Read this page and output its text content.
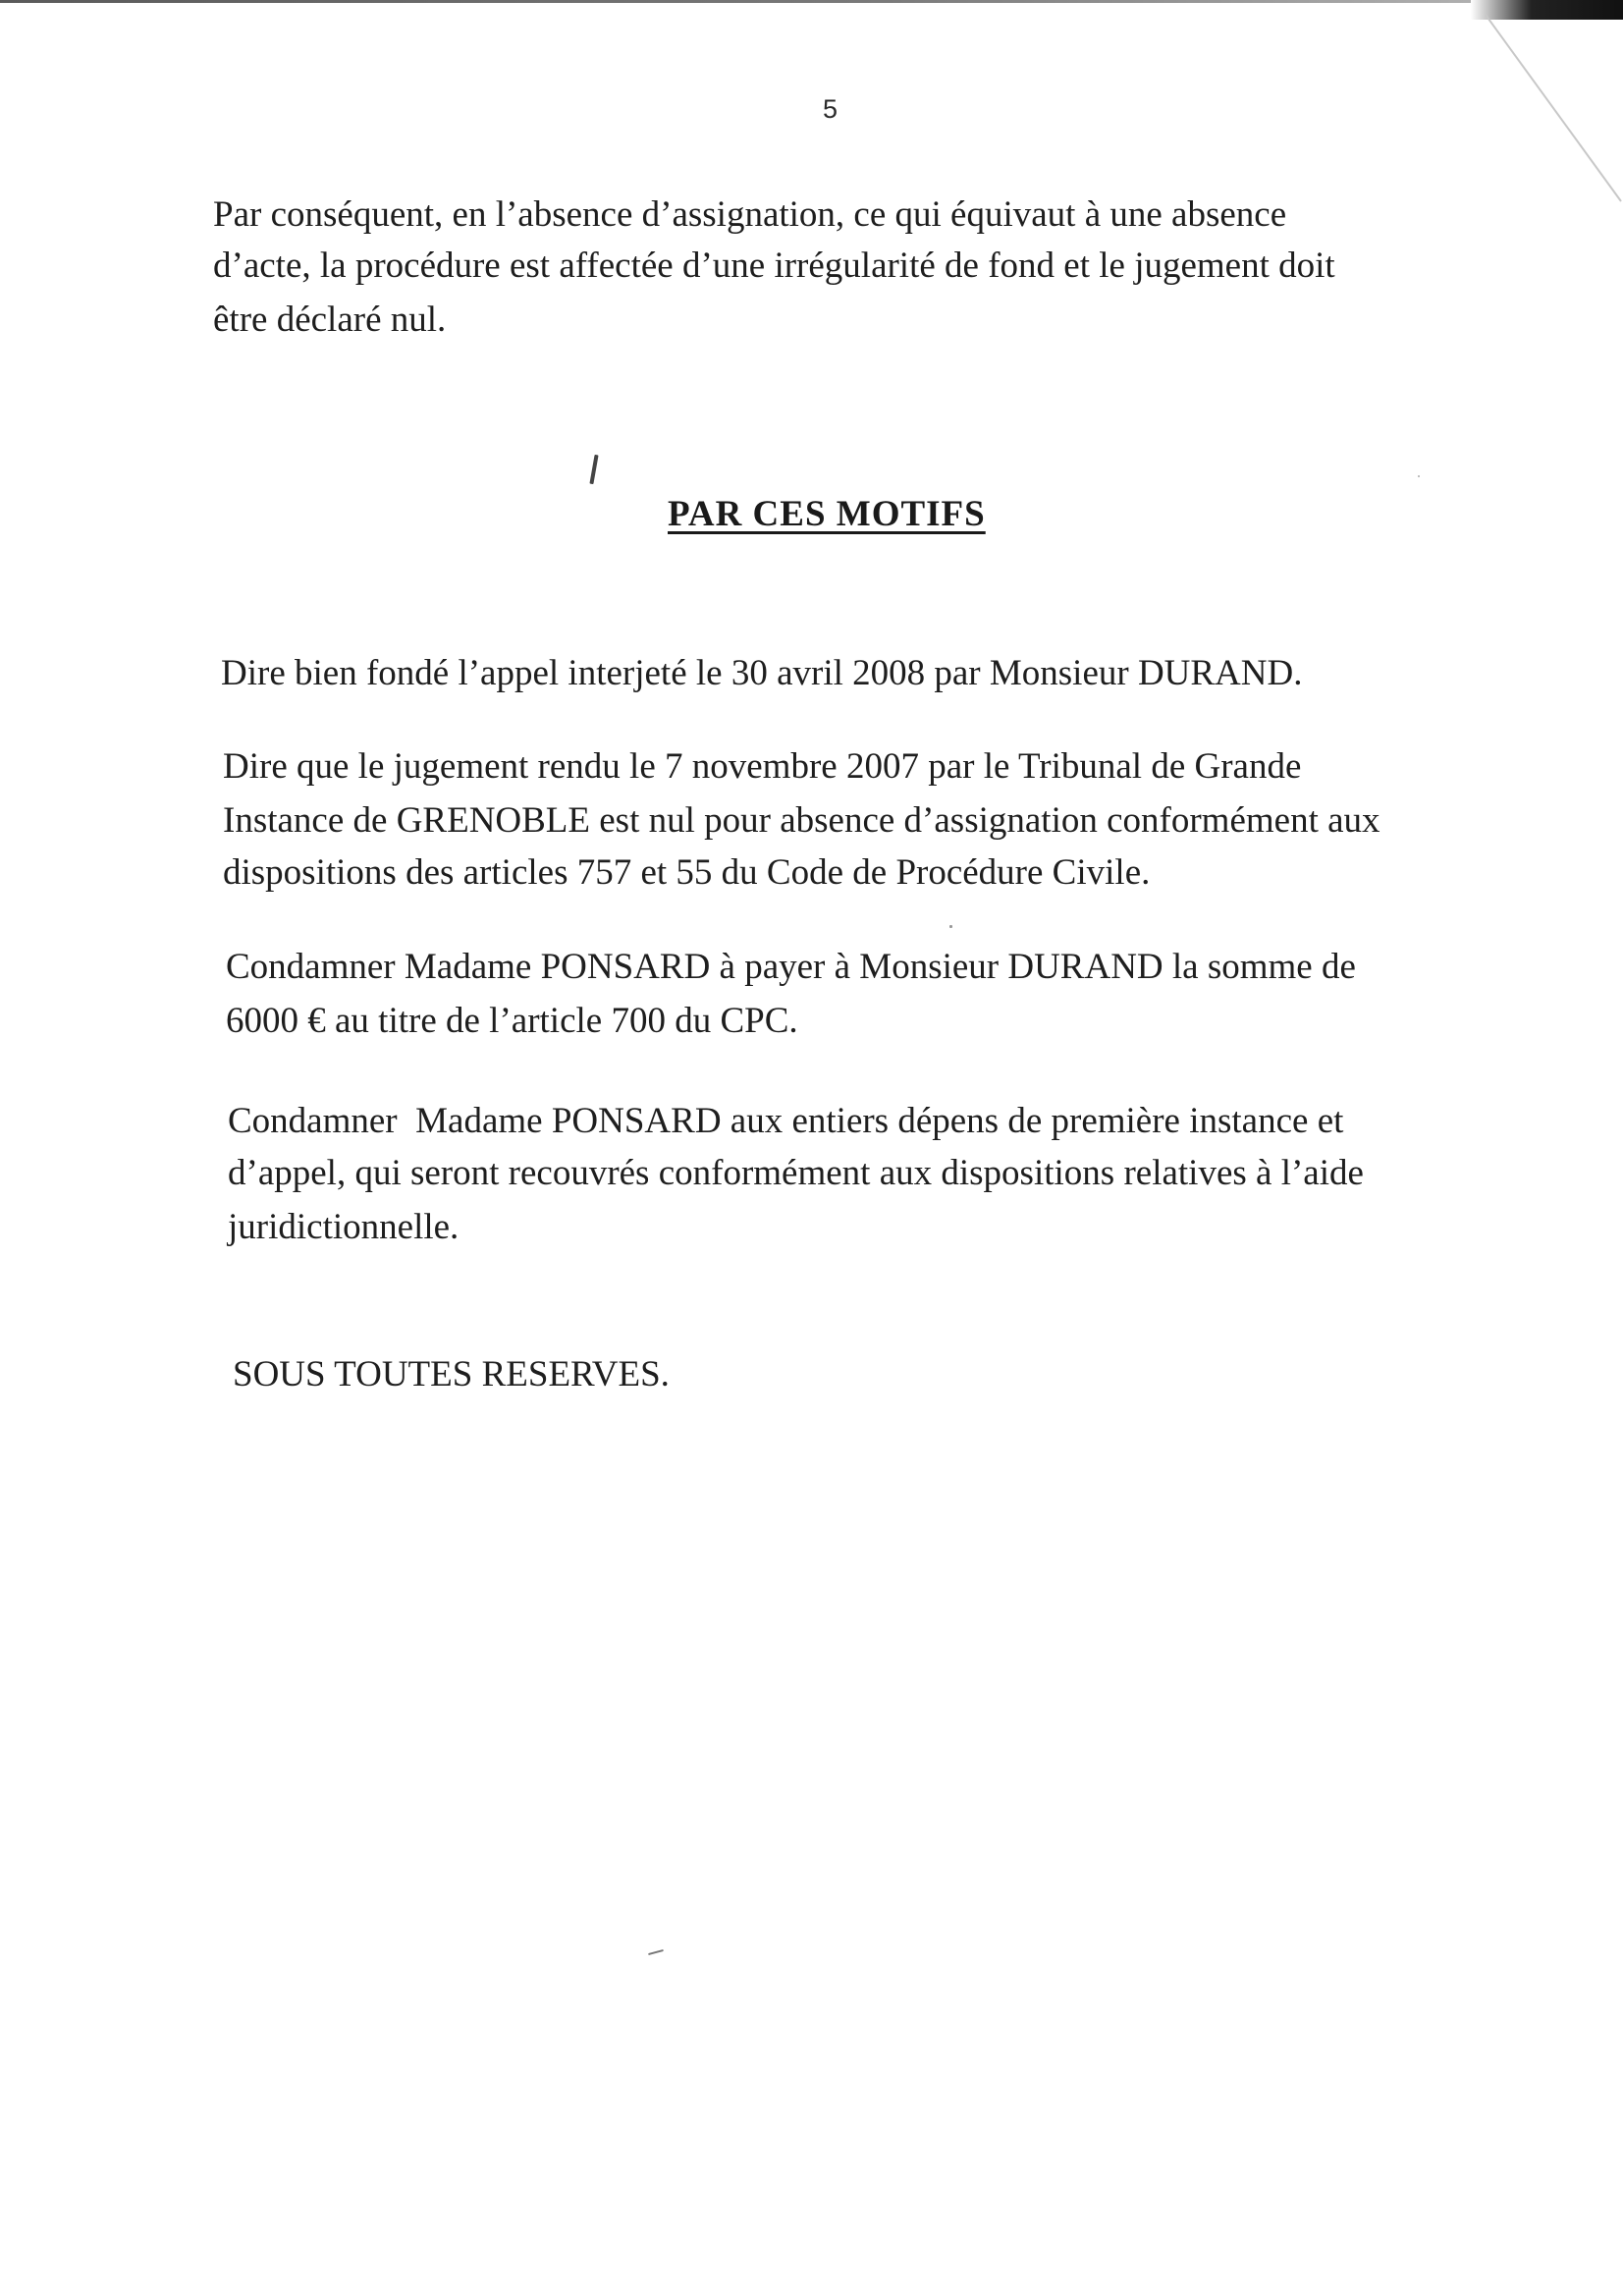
5

Par conséquent, en l’absence d’assignation, ce qui équivaut à une absence

d’acte, la procédure est affectée d’une irrégularité de fond et le jugement doit

être déclaré nul.

PAR CES MOTIFS

Dire bien fondé l’appel interjeté le 30 avril 2008 par Monsieur DURAND.

Dire que le jugement rendu le 7 novembre 2007 par le Tribunal de Grande

Instance de GRENOBLE est nul pour absence d’assignation conformément aux

dispositions des articles 757 et 55 du Code de Procédure Civile.

Condamner Madame PONSARD à payer à Monsieur DURAND la somme de

6000 € au titre de l’article 700 du CPC.

Condamner  Madame PONSARD aux entiers dépens de première instance et

d’appel, qui seront recouvrés conformément aux dispositions relatives à l’aide

juridictionnelle.

SOUS TOUTES RESERVES.
